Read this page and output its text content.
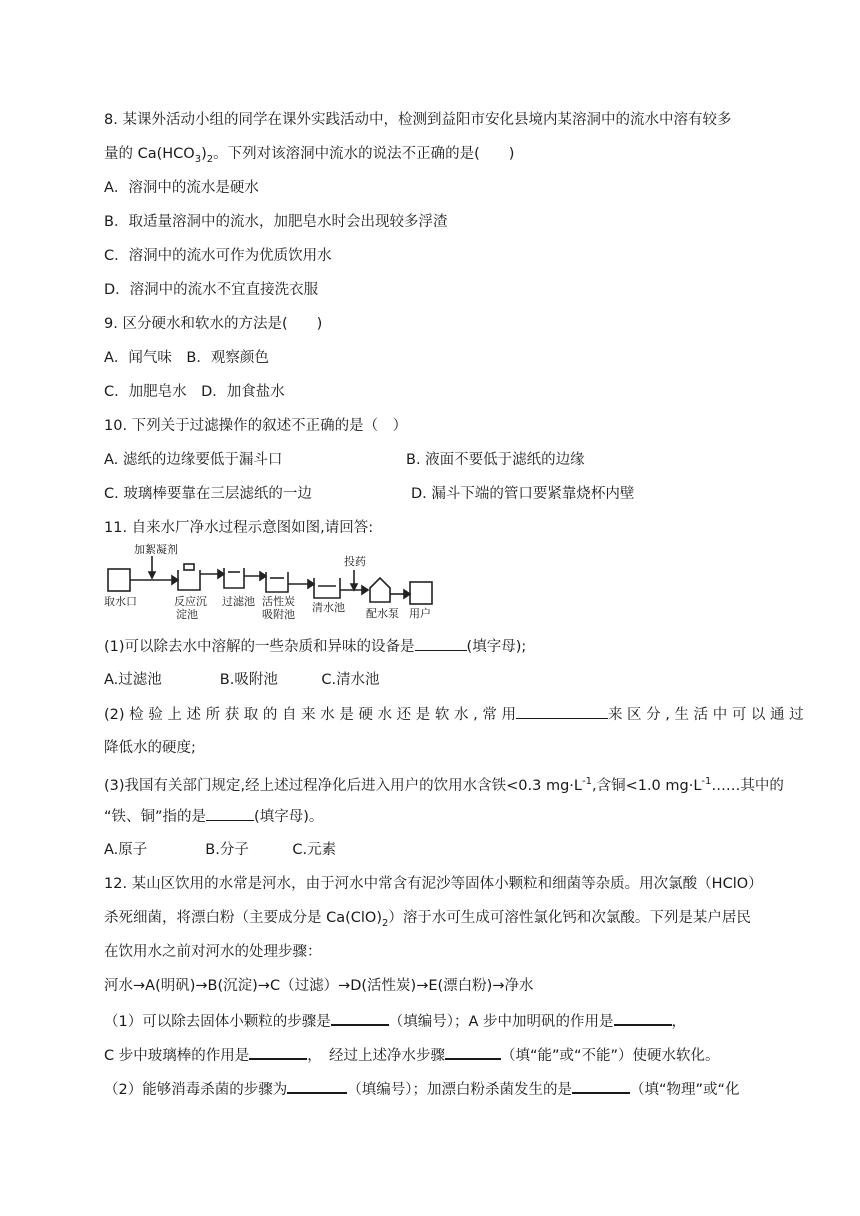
8. 某课外活动小组的同学在课外实践活动中，检测到益阳市安化县境内某溶洞中的流水中溶有较多
量的 $Ca(HCO_3)_2$。下列对该溶洞中流水的说法不正确的是(　　)
A．溶洞中的流水是硬水
B．取适量溶洞中的流水，加肥皂水时会出现较多浮渣
C．溶洞中的流水可作为优质饮用水
D．溶洞中的流水不宜直接洗衣服
9. 区分硬水和软水的方法是(　　)
A．闻气味　B．观察颜色
C．加肥皂水　D．加食盐水
10. 下列关于过滤操作的叙述不正确的是（　）
A. 滤纸的边缘要低于漏斗口	B. 液面不要低于滤纸的边缘
C. 玻璃棒要靠在三层滤纸的一边	D. 漏斗下端的管口要紧靠烧杯内壁
11. 自来水厂净水过程示意图如图,请回答:
加絮凝剂
取水口	反应沉
淀池
过滤池 活性炭
吸附池
清水池
投药
配水泵 用户
(1)可以除去水中溶解的一些杂质和异味的设备是	(填字母);
A.过滤池　　　　B.吸附池　　　C.清水池
(2) 检 验 上 述 所 获 取 的 自 来 水 是 硬 水 还 是 软 水 , 常 用	来 区 分 , 生 活 中 可 以 通 过
降低水的硬度;
(3)我国有关部门规定,经上述过程净化后进入用户的饮用水含铁<0.3 $mg\cdot L^{-1}$,含铜<1.0 $mg\cdot L^{-1}\dots\dots$其中的
“铁、铜”指的是	(填字母)。
A.原子　　　　B.分子　　　C.元素
12. 某山区饮用的水常是河水，由于河水中常含有泥沙等固体小颗粒和细菌等杂质。用次氯酸（HClO）
杀死细菌，将漂白粉（主要成分是 $Ca(ClO)_2$）溶于水可生成可溶性氯化钙和次氯酸。下列是某户居民
在饮用水之前对河水的处理步骤：
河水→A(明矾)→B(沉淀)→C（过滤）→D(活性炭)→E(漂白粉)→净水
（1）可以除去固体小颗粒的步骤是	（填编号）；A 步中加明矾的作用是	，
C 步中玻璃棒的作用是	，　经过上述净水步骤	（填“能”或“不能”）使硬水软化。
（2）能够消毒杀菌的步骤为	（填编号）；加漂白粉杀菌发生的是	（填“物理”或“化
